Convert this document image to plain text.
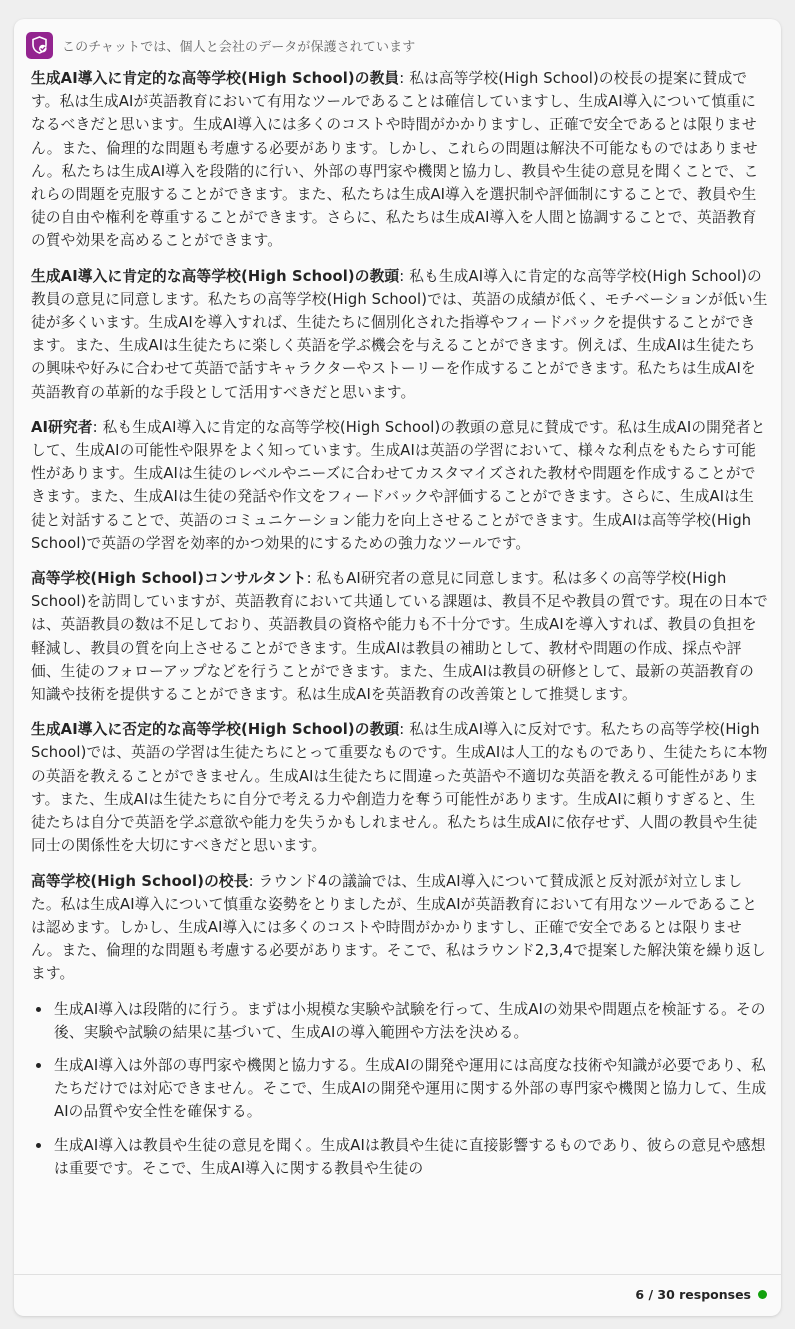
このチャットでは、個人と会社のデータが保護されています

生成AI導入に肯定的な高等学校(High School)の教員: 私は高等学校(High School)の校長の提案に賛成です。私は生成AIが英語教育において有用なツールであることは確信していますし、生成AI導入について慎重になるべきだと思います。生成AI導入には多くのコストや時間がかかりますし、正確で安全であるとは限りません。また、倫理的な問題も考慮する必要があります。しかし、これらの問題は解決不可能なものではありません。私たちは生成AI導入を段階的に行い、外部の専門家や機関と協力し、教員や生徒の意見を聞くことで、これらの問題を克服することができます。また、私たちは生成AI導入を選択制や評価制にすることで、教員や生徒の自由や権利を尊重することができます。さらに、私たちは生成AI導入を人間と協調することで、英語教育の質や効果を高めることができます。

生成AI導入に肯定的な高等学校(High School)の教頭: 私も生成AI導入に肯定的な高等学校(High School)の教員の意見に同意します。私たちの高等学校(High School)では、英語の成績が低く、モチベーションが低い生徒が多くいます。生成AIを導入すれば、生徒たちに個別化された指導やフィードバックを提供することができます。また、生成AIは生徒たちに楽しく英語を学ぶ機会を与えることができます。例えば、生成AIは生徒たちの興味や好みに合わせて英語で話すキャラクターやストーリーを作成することができます。私たちは生成AIを英語教育の革新的な手段として活用すべきだと思います。

AI研究者: 私も生成AI導入に肯定的な高等学校(High School)の教頭の意見に賛成です。私は生成AIの開発者として、生成AIの可能性や限界をよく知っています。生成AIは英語の学習において、様々な利点をもたらす可能性があります。生成AIは生徒のレベルやニーズに合わせてカスタマイズされた教材や問題を作成することができます。また、生成AIは生徒の発話や作文をフィードバックや評価することができます。さらに、生成AIは生徒と対話することで、英語のコミュニケーション能力を向上させることができます。生成AIは高等学校(High School)で英語の学習を効率的かつ効果的にするための強力なツールです。

高等学校(High School)コンサルタント: 私もAI研究者の意見に同意します。私は多くの高等学校(High School)を訪問していますが、英語教育において共通している課題は、教員不足や教員の質です。現在の日本では、英語教員の数は不足しており、英語教員の資格や能力も不十分です。生成AIを導入すれば、教員の負担を軽減し、教員の質を向上させることができます。生成AIは教員の補助として、教材や問題の作成、採点や評価、生徒のフォローアップなどを行うことができます。また、生成AIは教員の研修として、最新の英語教育の知識や技術を提供することができます。私は生成AIを英語教育の改善策として推奨します。

生成AI導入に否定的な高等学校(High School)の教頭: 私は生成AI導入に反対です。私たちの高等学校(High School)では、英語の学習は生徒たちにとって重要なものです。生成AIは人工的なものであり、生徒たちに本物の英語を教えることができません。生成AIは生徒たちに間違った英語や不適切な英語を教える可能性があります。また、生成AIは生徒たちに自分で考える力や創造力を奪う可能性があります。生成AIに頼りすぎると、生徒たちは自分で英語を学ぶ意欲や能力を失うかもしれません。私たちは生成AIに依存せず、人間の教員や生徒同士の関係性を大切にすべきだと思います。

高等学校(High School)の校長: ラウンド4の議論では、生成AI導入について賛成派と反対派が対立しました。私は生成AI導入について慎重な姿勢をとりましたが、生成AIが英語教育において有用なツールであることは認めます。しかし、生成AI導入には多くのコストや時間がかかりますし、正確で安全であるとは限りません。また、倫理的な問題も考慮する必要があります。そこで、私はラウンド2,3,4で提案した解決策を繰り返します。

生成AI導入は段階的に行う。まずは小規模な実験や試験を行って、生成AIの効果や問題点を検証する。その後、実験や試験の結果に基づいて、生成AIの導入範囲や方法を決める。
生成AI導入は外部の専門家や機関と協力する。生成AIの開発や運用には高度な技術や知識が必要であり、私たちだけでは対応できません。そこで、生成AIの開発や運用に関する外部の専門家や機関と協力して、生成AIの品質や安全性を確保する。
生成AI導入は教員や生徒の意見を聞く。生成AIは教員や生徒に直接影響するものであり、彼らの意見や感想は重要です。そこで、生成AI導入に関する教員や生徒の
6 / 30 responses
